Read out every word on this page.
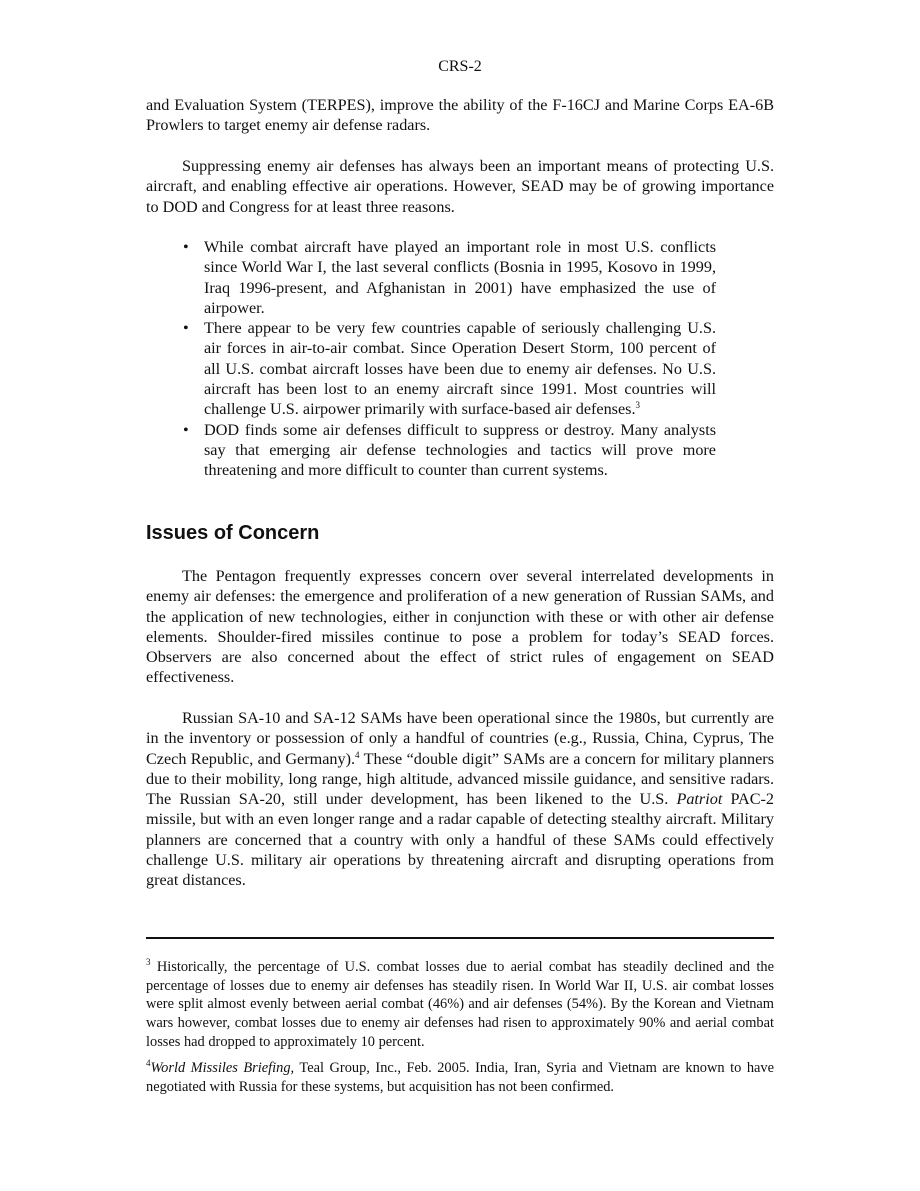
CRS-2

and Evaluation System (TERPES), improve the ability of the F-16CJ and Marine Corps EA-6B Prowlers to target enemy air defense radars.

Suppressing enemy air defenses has always been an important means of protecting U.S. aircraft, and enabling effective air operations. However, SEAD may be of growing importance to DOD and Congress for at least three reasons.

• While combat aircraft have played an important role in most U.S. conflicts since World War I, the last several conflicts (Bosnia in 1995, Kosovo in 1999, Iraq 1996-present, and Afghanistan in 2001) have emphasized the use of airpower.
• There appear to be very few countries capable of seriously challenging U.S. air forces in air-to-air combat. Since Operation Desert Storm, 100 percent of all U.S. combat aircraft losses have been due to enemy air defenses. No U.S. aircraft has been lost to an enemy aircraft since 1991. Most countries will challenge U.S. airpower primarily with surface-based air defenses.$^3$
• DOD finds some air defenses difficult to suppress or destroy. Many analysts say that emerging air defense technologies and tactics will prove more threatening and more difficult to counter than current systems.
Issues of Concern

The Pentagon frequently expresses concern over several interrelated developments in enemy air defenses: the emergence and proliferation of a new generation of Russian SAMs, and the application of new technologies, either in conjunction with these or with other air defense elements. Shoulder-fired missiles continue to pose a problem for today’s SEAD forces. Observers are also concerned about the effect of strict rules of engagement on SEAD effectiveness.

Russian SA-10 and SA-12 SAMs have been operational since the 1980s, but currently are in the inventory or possession of only a handful of countries (e.g., Russia, China, Cyprus, The Czech Republic, and Germany).$^4$ These “double digit” SAMs are a concern for military planners due to their mobility, long range, high altitude, advanced missile guidance, and sensitive radars. The Russian SA-20, still under development, has been likened to the U.S. Patriot PAC-2 missile, but with an even longer range and a radar capable of detecting stealthy aircraft. Military planners are concerned that a country with only a handful of these SAMs could effectively challenge U.S. military air operations by threatening aircraft and disrupting operations from great distances.

$^3$ Historically, the percentage of U.S. combat losses due to aerial combat has steadily declined and the percentage of losses due to enemy air defenses has steadily risen. In World War II, U.S. air combat losses were split almost evenly between aerial combat (46%) and air defenses (54%). By the Korean and Vietnam wars however, combat losses due to enemy air defenses had risen to approximately 90% and aerial combat losses had dropped to approximately 10 percent.

$^4$World Missiles Briefing, Teal Group, Inc., Feb. 2005. India, Iran, Syria and Vietnam are known to have negotiated with Russia for these systems, but acquisition has not been confirmed.
